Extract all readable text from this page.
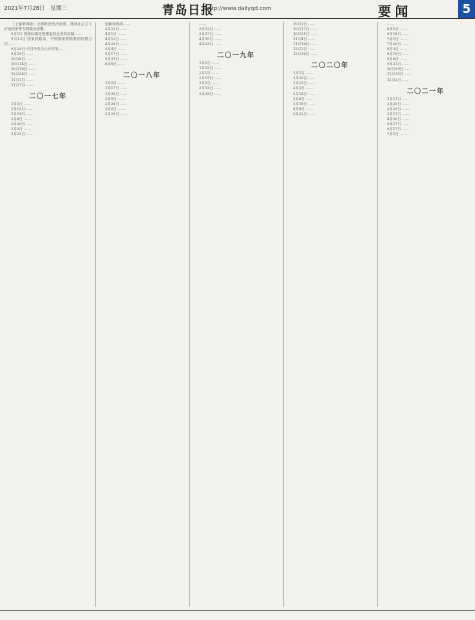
2021年7月28日　星期三	青岛日报
http://www.dailyqd.com	要闻	5

（上接第四版）全面推进依法治国、建设社会主义法治国家等方面做出部署。

9月1日 国家标准化管理委员会发布实施……

9月13日 国家铁路局、中国国家铁路集团有限公司……

9月20日 中共中央办公厅印发……

9月29日 ……

10月6日 ……

10月14日 ……

10月18日 ……

10月24日 ……

11月1日 ……

11月7日 ……

二〇一七年

1月5日 ……

1月12日 ……

1月19日 ……

2月6日 ……

2月20日 ……

3月5日 ……

3月22日 ……

创新和形成……

3月22日 ……

4月1日 ……

4月12日 ……

4月20日 ……

5月4日 ……

5月17日 ……

5月31日 ……

6月8日 ……

二〇一八年

1月2日 ……

1月17日 ……

1月30日 ……

2月9日 ……

2月26日 ……

3月5日 ……

3月20日 ……

……

3月12日 ……

3月27日 ……

4月10日 ……

4月23日 ……

二〇一九年

1月1日 ……

1月15日 ……

2月1日 ……

2月19日 ……

3月5日 ……

3月15日 ……

3月28日 ……

10月1日 ……

10月17日 ……

10月31日 ……

11月4日 ……

11月18日 ……

12月1日 ……

12月16日 ……

二〇二〇年

1月1日 ……

1月20日 ……

1月23日 ……

2月3日 ……

2月14日 ……

3月6日 ……

3月18日 ……

4月8日 ……

5月22日 ……

……

6月1日 ……

6月18日 ……

7月1日 ……

7月20日 ……

8月3日 ……

8月19日 ……

9月8日 ……

9月22日 ……

10月29日 ……

11月15日 ……

12月2日 ……

二〇二一年

1月11日 ……

2月20日 ……

2月25日 ……

3月11日 ……

4月30日 ……

5月27日 ……

6月17日 ……

7月1日 ……
